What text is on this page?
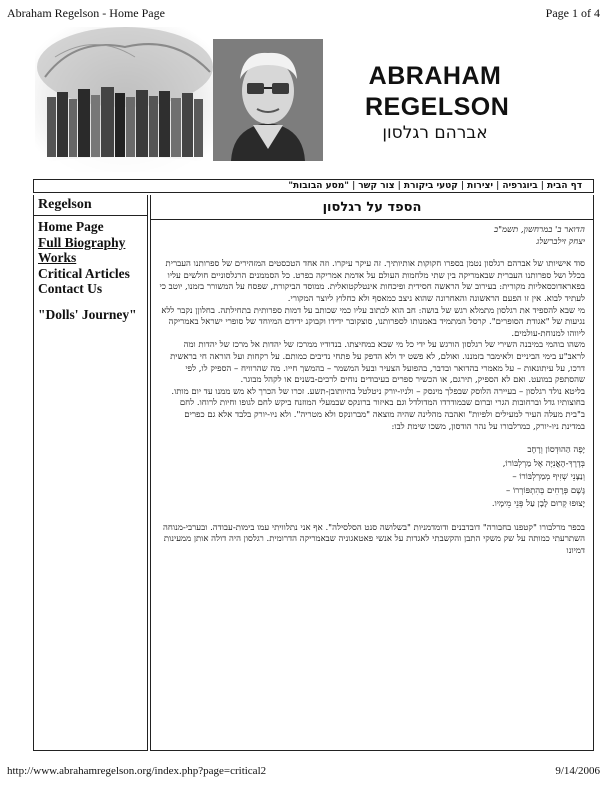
Abraham Regelson - Home Page	Page 1 of 4
ABRAHAM
REGELSON
אברהם רגלסון
דף הבית
|
ביוגרפיה
|
יצירות
|
קטעי ביקורת
|
צור קשר
|
"מסע הבובות"
Regelson
Home Page
Full Biography
Works
Critical Articles
Contact Us
"Dolls' Journey"
הספד על רגלסון

הדואר ב' במרחשון, תשמ"ב

יצחק זילברשלג

סוד אישיותו של אברהם רגלסון נטמן בספרו חקוקות אותיותיך. זה עיקר עיקרו. וזה אחד הטכסטים המזהירים של ספרותנו העברית בכלל ושל ספרותנו העברית שבאמריקה בין שתי מלחמות העולם על אדמת אמריקה בפרט. כל הסממנים הרגלסוניים חולשים עליו בפאראדוכסאליות מקורית: בעירוב של הראשה חסידית ופיכחות אינטלקטואלית. ממוסד הביקורת, שפסח על המשורר בזמנו, יוטב כי לעתיד לבוא. אין זו הפעם הראשונה והאחרונה שהוא ניצב כמאסף ולא כחלוץ ליוצר המקורי.

מי שבא להספיד את רגלסון מתמלא רגש של בושה: חב הוא לכתוב עליו כמי שכותב על דמות ספרותית בתחילתה. בחלוןן נקבר ללא נגיעות של "אגודת הסופרים". קרסל המתמיד באמנותו לספרותנו, סוצקובר ידידו וקבוקנ ידידם המיוחד של סופרי ישראל באמריקה ליווהו למנוחת-עולמים.

משהו בוהמי במיבנה השירי של רגלסון הורגש על ידי כל מי שבא במחיצתו. בנדודיו ממרכז של יהדות אל מרכז של יהדות ומה לראב"ע בימי הביניים ולאימבר בזמננו. ואולם, לא פשט יד ולא הדפק על פתחי נדיבים כמותם. על רקחות ועל הוראה חי בראשית דרכו, על עיתונאות – על מאמרי בהדואר ובדבר, בהפועל הצעיר ובעל המשמר – בהמשך חייו. מה שהרוויח – הספיק לו, לפי שהסתפק במועט. ואם לא הספיק, תירגם, או הכשיר ספרים בעיבודים נוחים לרכים-בשנים או לקהל מבוגר.

בליטא נולד רגלסון – בעיירה הלוסק שבפלך מינסק – ולניו-יורק ניטלטל בהיותובן-תשע. זכרו של הכרך לא מש ממנו עד יום מותו. בחוצותיו גדל וברחובות הגרי וברום שבמודרדו המדולדל וגם באיזור ברונקס שבמעלי המוזנח ביקש לחם לגופו וחיות לרוחו. לחם ב"בית מעלה העיר למעילים ולפיות" ואהבה מהלינה שהיה מוצאה "מברונקס ולא מטריה". ולא ניו-יורק בלבד אלא גם כפרים במדינת ניו-יורק, כמרלבורו על נהר הודסון, משכו שימת לבו:

יָפֶה הַהוּדְסוֹן וְרָחָב
בְּדֶרֶךְ-הָאֳנִיָּה אֶל מַרְלְבּוֹרוֹ,
וְנַצָּנֵי שְׁזִיף מְמַרְלְבּוֹרוֹ –
גֶּשֶׁם פְּרָחִים בְּהִתְפּוֹרְרוֹ –
יָצוּפוּ קְרוּם לָבָן עַל פְּנֵי מֵימָיו.

בכפר מרלבורו "קטפנו בחבורה" דובדבנים ודומדמניות "בשלושה סנט הסלסילה". אף אני נתלוויתי עמו בימות-עבודה. ובערבי-מנוחה השתרעתי כמותה על שק משקי התבן והקשבתי לאגדות על אנשי פאטאגוניה שבאמריקה הדרומית. רגלסון היה דולה אותן ממעינות דמיונו

http://www.abrahamregelson.org/index.php?page=critical2	9/14/2006
